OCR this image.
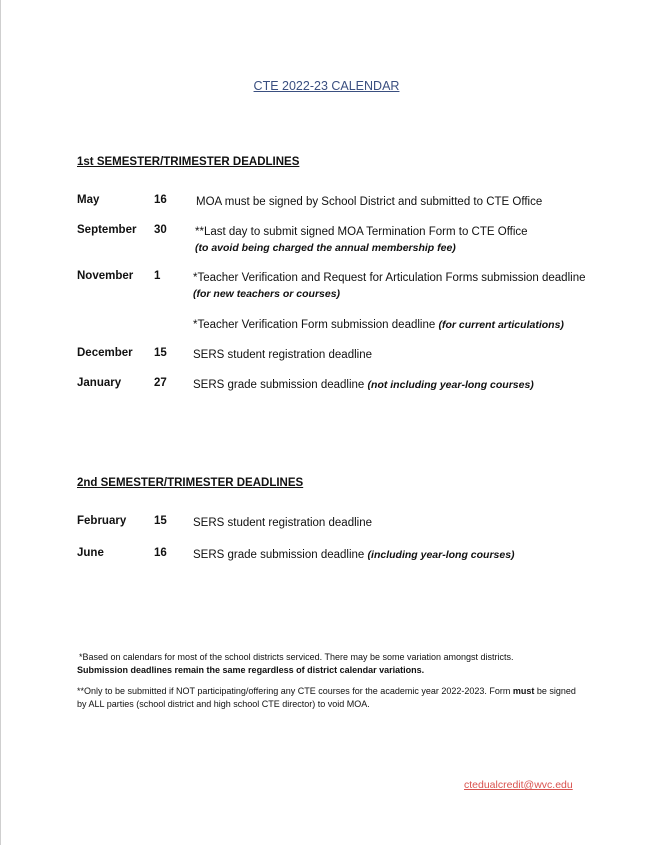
CTE 2022-23 CALENDAR
1st SEMESTER/TRIMESTER DEADLINES
May	16	MOA must be signed by School District and submitted to CTE Office
September 30 **Last day to submit signed MOA Termination Form to CTE Office
(to avoid being charged the annual membership fee)
November 1	*Teacher Verification and Request for Articulation Forms submission deadline (for new teachers or courses)
*Teacher Verification Form submission deadline (for current articulations)
December 15 SERS student registration deadline
January	27 SERS grade submission deadline (not including year-long courses)
2nd SEMESTER/TRIMESTER DEADLINES
February 15 SERS student registration deadline
June	16 SERS grade submission deadline (including year-long courses)
*Based on calendars for most of the school districts serviced. There may be some variation amongst districts.
Submission deadlines remain the same regardless of district calendar variations.
**Only to be submitted if NOT participating/offering any CTE courses for the academic year 2022-2023. Form must be signed by ALL parties (school district and high school CTE director) to void MOA.
ctedualcredit@wvc.edu
